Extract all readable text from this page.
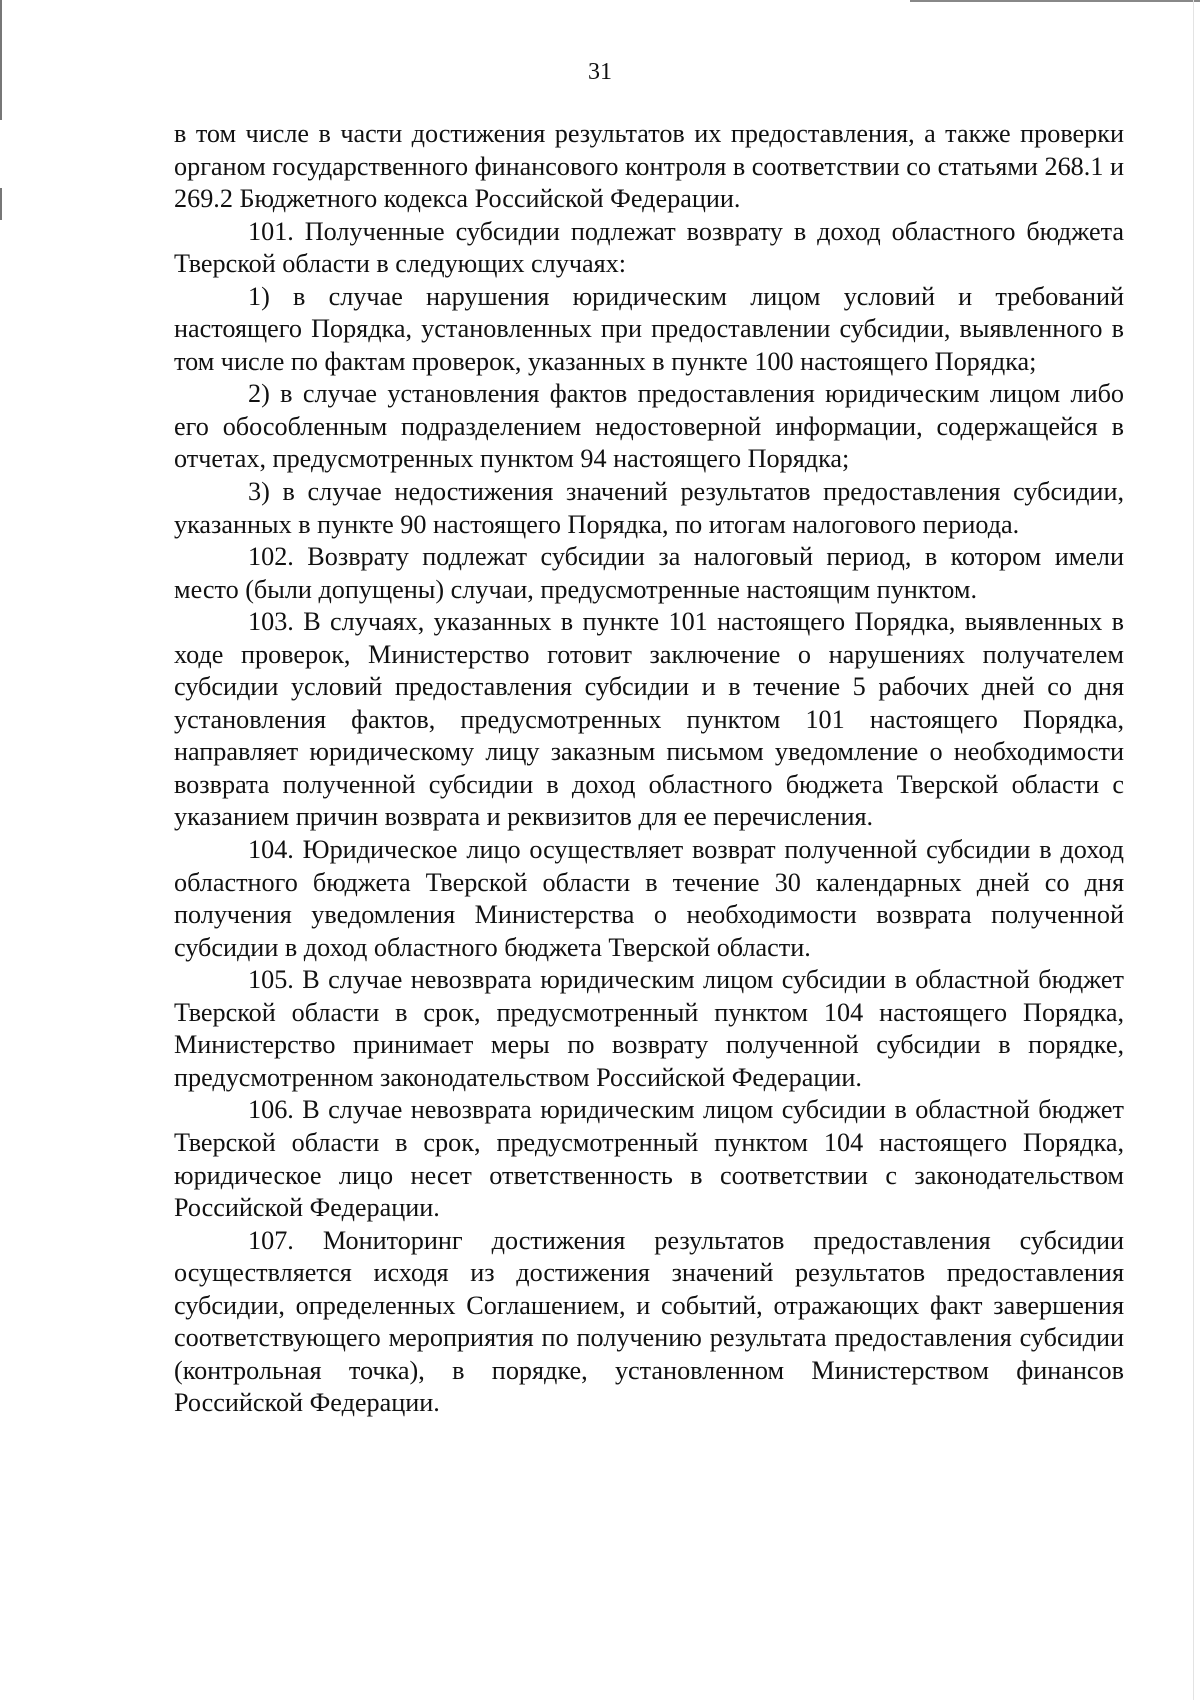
31

в том числе в части достижения результатов их предоставления, а также проверки органом государственного финансового контроля в соответствии со статьями 268.1 и 269.2 Бюджетного кодекса Российской Федерации.

101. Полученные субсидии подлежат возврату в доход областного бюджета Тверской области в следующих случаях:

1) в случае нарушения юридическим лицом условий и требований настоящего Порядка, установленных при предоставлении субсидии, выявленного в том числе по фактам проверок, указанных в пункте 100 настоящего Порядка;

2) в случае установления фактов предоставления юридическим лицом либо его обособленным подразделением недостоверной информации, содержащейся в отчетах, предусмотренных пунктом 94 настоящего Порядка;

3) в случае недостижения значений результатов предоставления субсидии, указанных в пункте 90 настоящего Порядка, по итогам налогового периода.

102. Возврату подлежат субсидии за налоговый период, в котором имели место (были допущены) случаи, предусмотренные настоящим пунктом.

103. В случаях, указанных в пункте 101 настоящего Порядка, выявленных в ходе проверок, Министерство готовит заключение о нарушениях получателем субсидии условий предоставления субсидии и в течение 5 рабочих дней со дня установления фактов, предусмотренных пунктом 101 настоящего Порядка, направляет юридическому лицу заказным письмом уведомление о необходимости возврата полученной субсидии в доход областного бюджета Тверской области с указанием причин возврата и реквизитов для ее перечисления.

104. Юридическое лицо осуществляет возврат полученной субсидии в доход областного бюджета Тверской области в течение 30 календарных дней со дня получения уведомления Министерства о необходимости возврата полученной субсидии в доход областного бюджета Тверской области.

105. В случае невозврата юридическим лицом субсидии в областной бюджет Тверской области в срок, предусмотренный пунктом 104 настоящего Порядка, Министерство принимает меры по возврату полученной субсидии в порядке, предусмотренном законодательством Российской Федерации.

106. В случае невозврата юридическим лицом субсидии в областной бюджет Тверской области в срок, предусмотренный пунктом 104 настоящего Порядка, юридическое лицо несет ответственность в соответствии с законодательством Российской Федерации.

107. Мониторинг достижения результатов предоставления субсидии осуществляется исходя из достижения значений результатов предоставления субсидии, определенных Соглашением, и событий, отражающих факт завершения соответствующего мероприятия по получению результата предоставления субсидии (контрольная точка), в порядке, установленном Министерством финансов Российской Федерации.
